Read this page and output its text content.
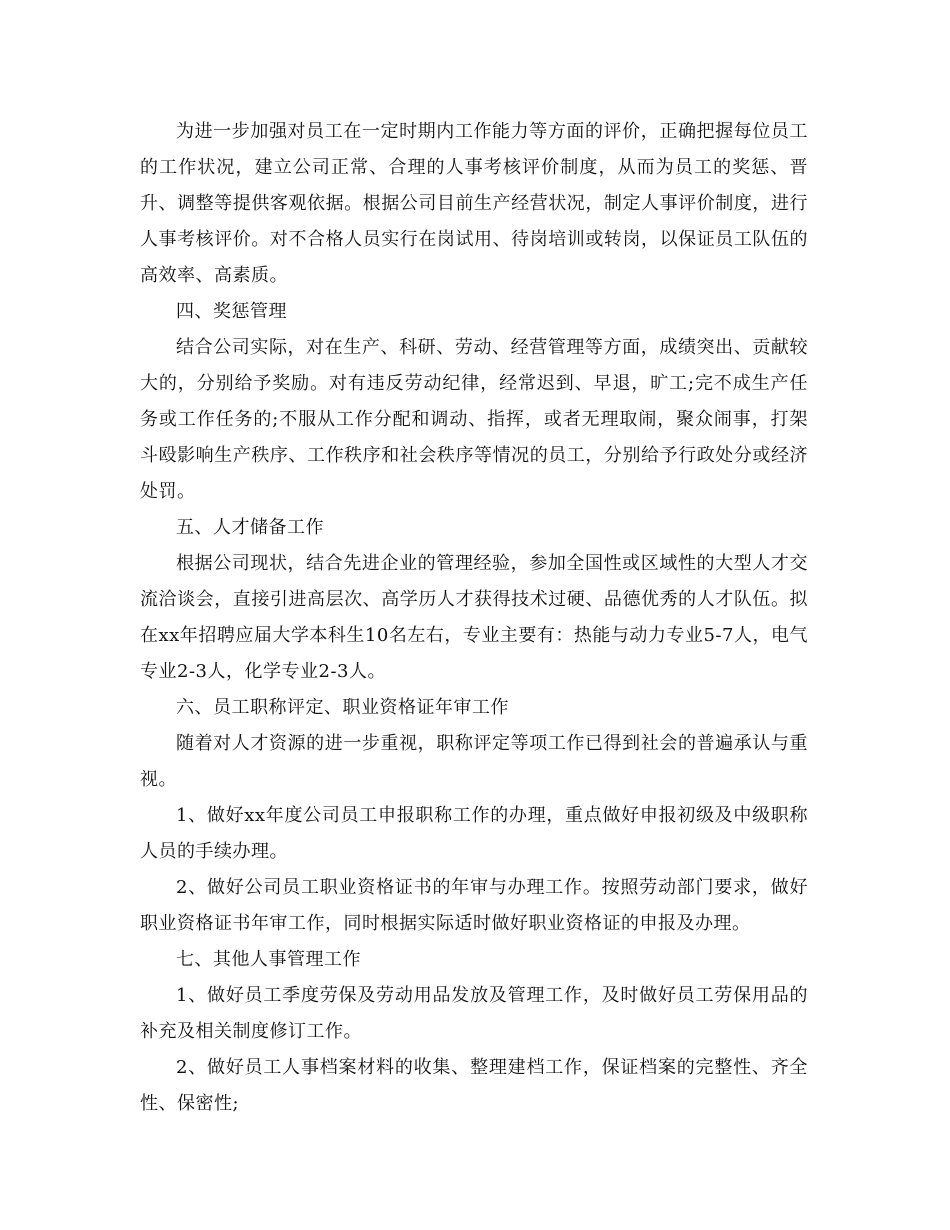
为进一步加强对员工在一定时期内工作能力等方面的评价，正确把握每位员工的工作状况，建立公司正常、合理的人事考核评价制度，从而为员工的奖惩、晋升、调整等提供客观依据。根据公司目前生产经营状况，制定人事评价制度，进行人事考核评价。对不合格人员实行在岗试用、待岗培训或转岗，以保证员工队伍的高效率、高素质。

四、奖惩管理

结合公司实际，对在生产、科研、劳动、经营管理等方面，成绩突出、贡献较大的，分别给予奖励。对有违反劳动纪律，经常迟到、早退，旷工;完不成生产任务或工作任务的;不服从工作分配和调动、指挥，或者无理取闹，聚众闹事，打架斗殴影响生产秩序、工作秩序和社会秩序等情况的员工，分别给予行政处分或经济处罚。

五、人才储备工作

根据公司现状，结合先进企业的管理经验，参加全国性或区域性的大型人才交流洽谈会，直接引进高层次、高学历人才获得技术过硬、品德优秀的人才队伍。拟在xx年招聘应届大学本科生10名左右，专业主要有：热能与动力专业5-7人，电气专业2-3人，化学专业2-3人。

六、员工职称评定、职业资格证年审工作

随着对人才资源的进一步重视，职称评定等项工作已得到社会的普遍承认与重视。

1、做好xx年度公司员工申报职称工作的办理，重点做好申报初级及中级职称人员的手续办理。

2、做好公司员工职业资格证书的年审与办理工作。按照劳动部门要求，做好职业资格证书年审工作，同时根据实际适时做好职业资格证的申报及办理。

七、其他人事管理工作

1、做好员工季度劳保及劳动用品发放及管理工作，及时做好员工劳保用品的补充及相关制度修订工作。

2、做好员工人事档案材料的收集、整理建档工作，保证档案的完整性、齐全性、保密性;
